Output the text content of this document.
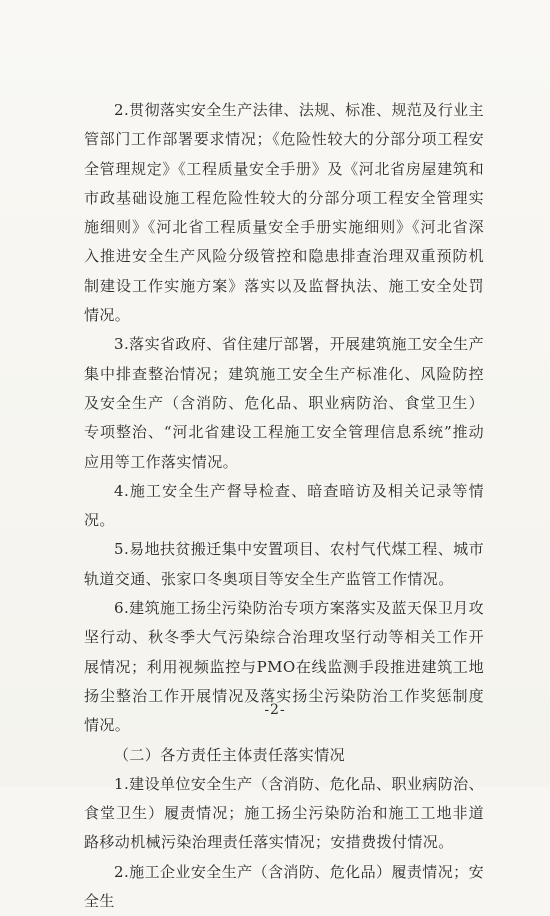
2.贯彻落实安全生产法律、法规、标准、规范及行业主管部门工作部署要求情况；《危险性较大的分部分项工程安全管理规定》《工程质量安全手册》及《河北省房屋建筑和市政基础设施工程危险性较大的分部分项工程安全管理实施细则》《河北省工程质量安全手册实施细则》《河北省深入推进安全生产风险分级管控和隐患排查治理双重预防机制建设工作实施方案》落实以及监督执法、施工安全处罚情况。

3.落实省政府、省住建厅部署，开展建筑施工安全生产集中排查整治情况；建筑施工安全生产标准化、风险防控及安全生产（含消防、危化品、职业病防治、食堂卫生）专项整治、“河北省建设工程施工安全管理信息系统”推动应用等工作落实情况。

4.施工安全生产督导检查、暗查暗访及相关记录等情况。

5.易地扶贫搬迁集中安置项目、农村气代煤工程、城市轨道交通、张家口冬奥项目等安全生产监管工作情况。

6.建筑施工扬尘污染防治专项方案落实及蓝天保卫月攻坚行动、秋冬季大气污染综合治理攻坚行动等相关工作开展情况；利用视频监控与PMO在线监测手段推进建筑工地扬尘整治工作开展情况及落实扬尘污染防治工作奖惩制度情况。

（二）各方责任主体责任落实情况

1.建设单位安全生产（含消防、危化品、职业病防治、食堂卫生）履责情况；施工扬尘污染防治和施工工地非道路移动机械污染治理责任落实情况；安措费拨付情况。

2.施工企业安全生产（含消防、危化品）履责情况；安全生

-2-
